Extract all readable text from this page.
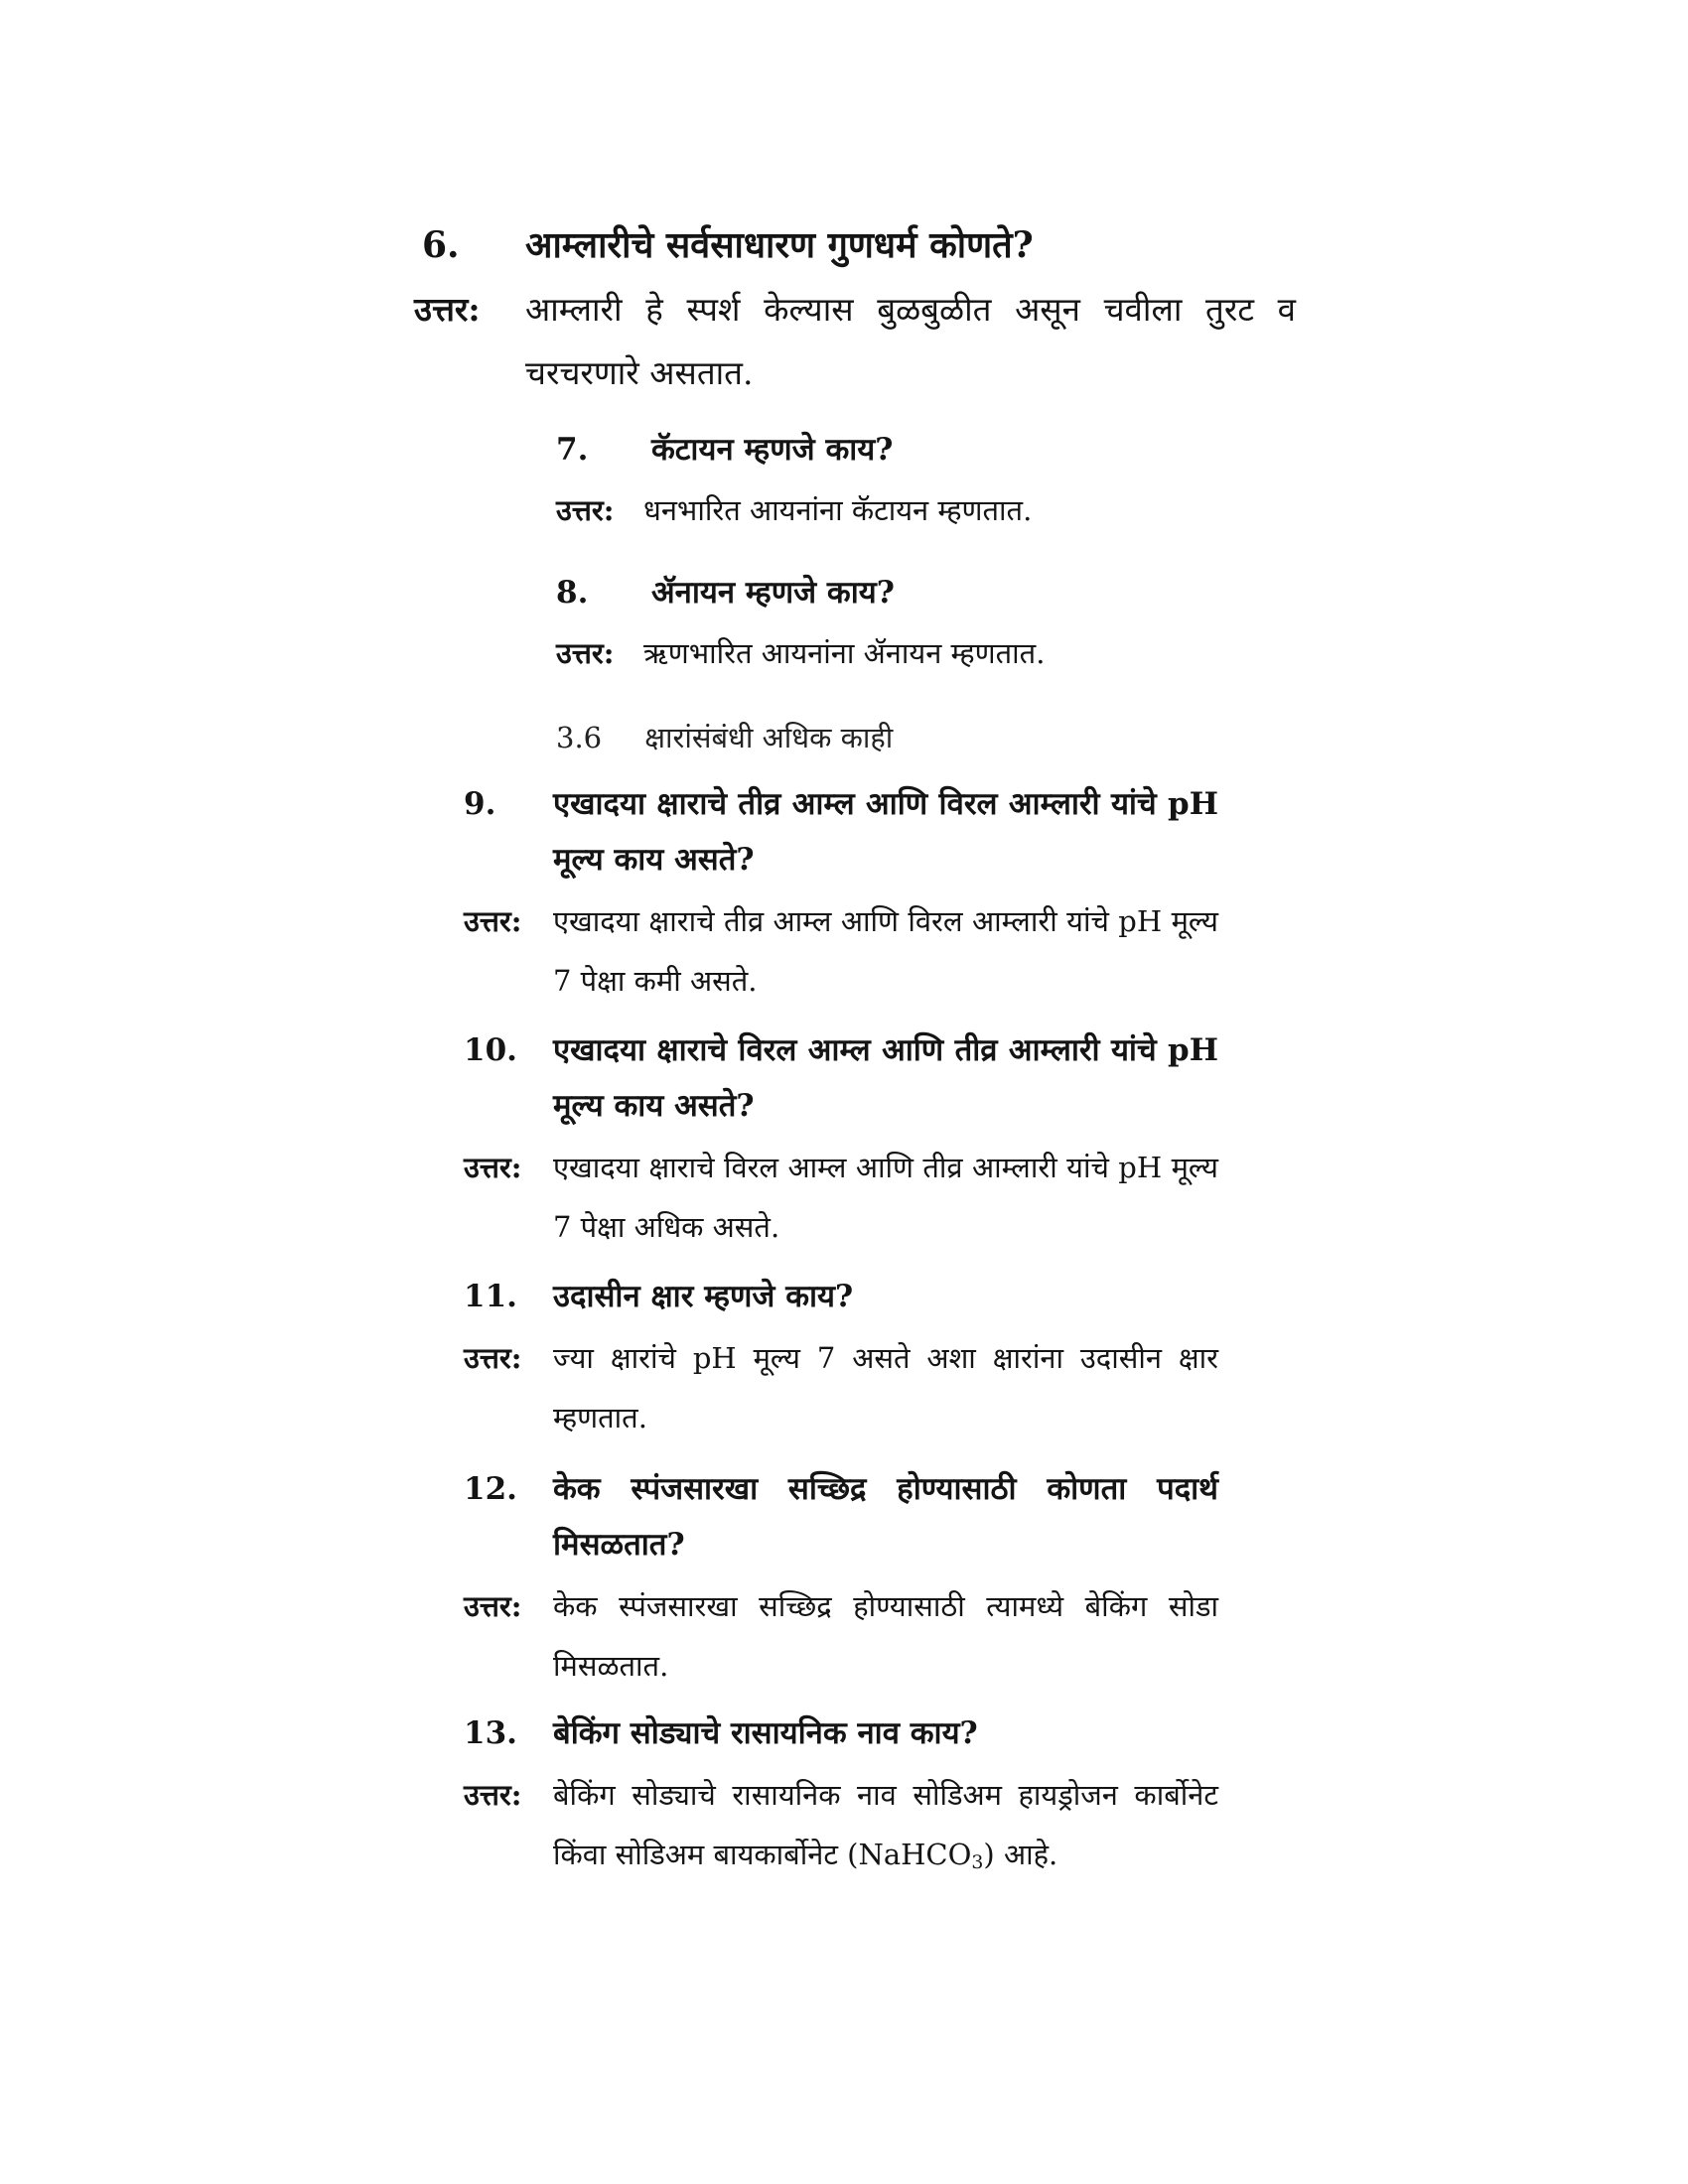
6.	आम्लारीचे सर्वसाधारण गुणधर्म कोणते?
उत्तर:	आम्लारी हे स्पर्श केल्यास बुळबुळीत असून चवीला तुरट व चरचरणारे असतात.
7.	कॅटायन म्हणजे काय?
उत्तर:	धनभारित आयनांना कॅटायन म्हणतात.
8.	ॲनायन म्हणजे काय?
उत्तर:	ऋणभारित आयनांना ॲनायन म्हणतात.
3.6 क्षारांसंबंधी अधिक काही
9.	एखादया क्षाराचे तीव्र आम्ल आणि विरल आम्लारी यांचे pH मूल्य काय असते?
उत्तर:	एखादया क्षाराचे तीव्र आम्ल आणि विरल आम्लारी यांचे pH मूल्य 7 पेक्षा कमी असते.
10.	एखादया क्षाराचे विरल आम्ल आणि तीव्र आम्लारी यांचे pH मूल्य काय असते?
उत्तर:	एखादया क्षाराचे विरल आम्ल आणि तीव्र आम्लारी यांचे pH मूल्य 7 पेक्षा अधिक असते.
11.	उदासीन क्षार म्हणजे काय?
उत्तर:	ज्या क्षारांचे pH मूल्य 7 असते अशा क्षारांना उदासीन क्षार म्हणतात.
12.	केक स्पंजसारखा सच्छिद्र होण्यासाठी कोणता पदार्थ मिसळतात?
उत्तर:	केक स्पंजसारखा सच्छिद्र होण्यासाठी त्यामध्ये बेकिंग सोडा मिसळतात.
13.	बेकिंग सोड्याचे रासायनिक नाव काय?
उत्तर:	बेकिंग सोड्याचे रासायनिक नाव सोडिअम हायड्रोजन कार्बोनेट किंवा सोडिअम बायकार्बोनेट (NaHCO$_3$) आहे.
